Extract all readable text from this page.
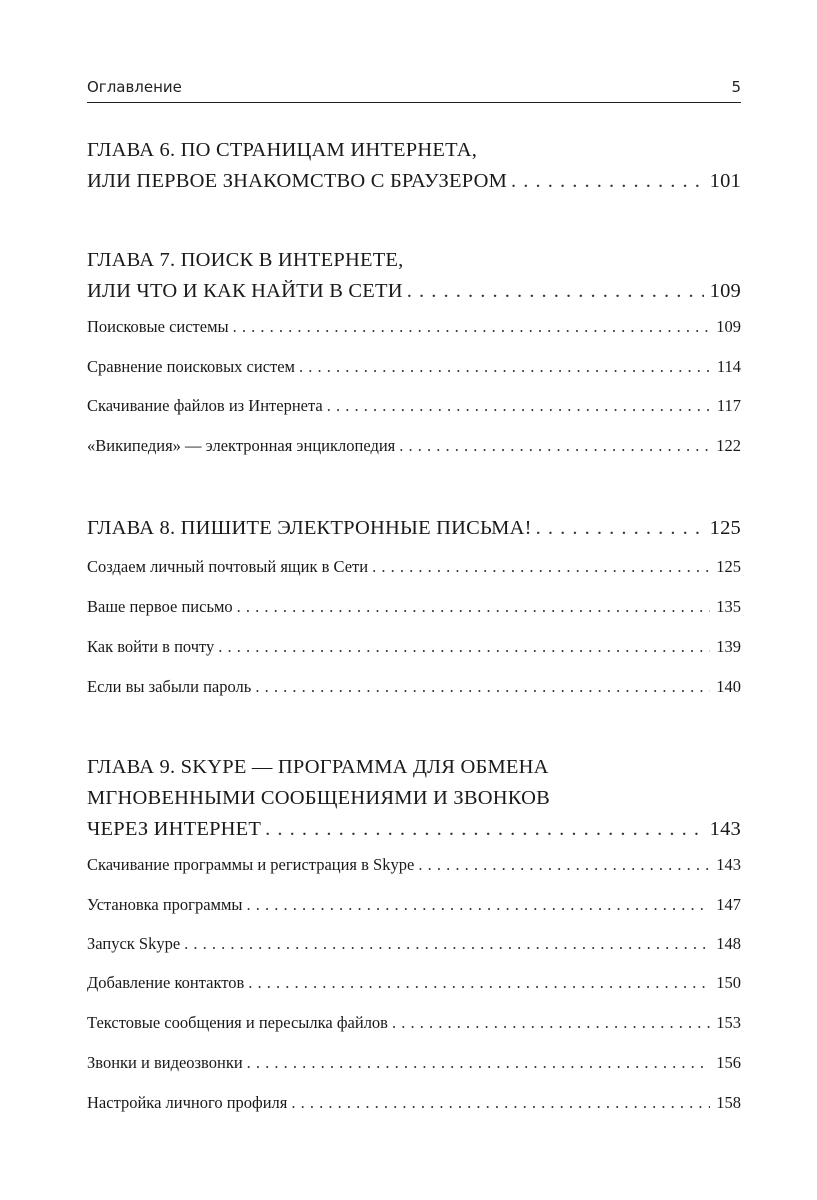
Оглавление	5
ГЛАВА 6. ПО СТРАНИЦАМ ИНТЕРНЕТА,
ИЛИ ПЕРВОЕ ЗНАКОМСТВО С БРАУЗЕРОМ . . .	101
ГЛАВА 7. ПОИСК В ИНТЕРНЕТЕ,
ИЛИ ЧТО И КАК НАЙТИ В СЕТИ . . .	109
Поисковые системы . . .	109
Сравнение поисковых систем . . .	114
Скачивание файлов из Интернета . . .	117
«Википедия» — электронная энциклопедия . . .	122
ГЛАВА 8. ПИШИТЕ ЭЛЕКТРОННЫЕ ПИСЬМА! . . .	125
Создаем личный почтовый ящик в Сети . . .	125
Ваше первое письмо . . .	135
Как войти в почту . . .	139
Если вы забыли пароль . . .	140
ГЛАВА 9. SKYPE — ПРОГРАММА ДЛЯ ОБМЕНА
МГНОВЕННЫМИ СООБЩЕНИЯМИ И ЗВОНКОВ
ЧЕРЕЗ ИНТЕРНЕТ . . .	143
Скачивание программы и регистрация в Skype . . .	143
Установка программы . . .	147
Запуск Skype . . .	148
Добавление контактов . . .	150
Текстовые сообщения и пересылка файлов . . .	153
Звонки и видеозвонки . . .	156
Настройка личного профиля . . .	158
